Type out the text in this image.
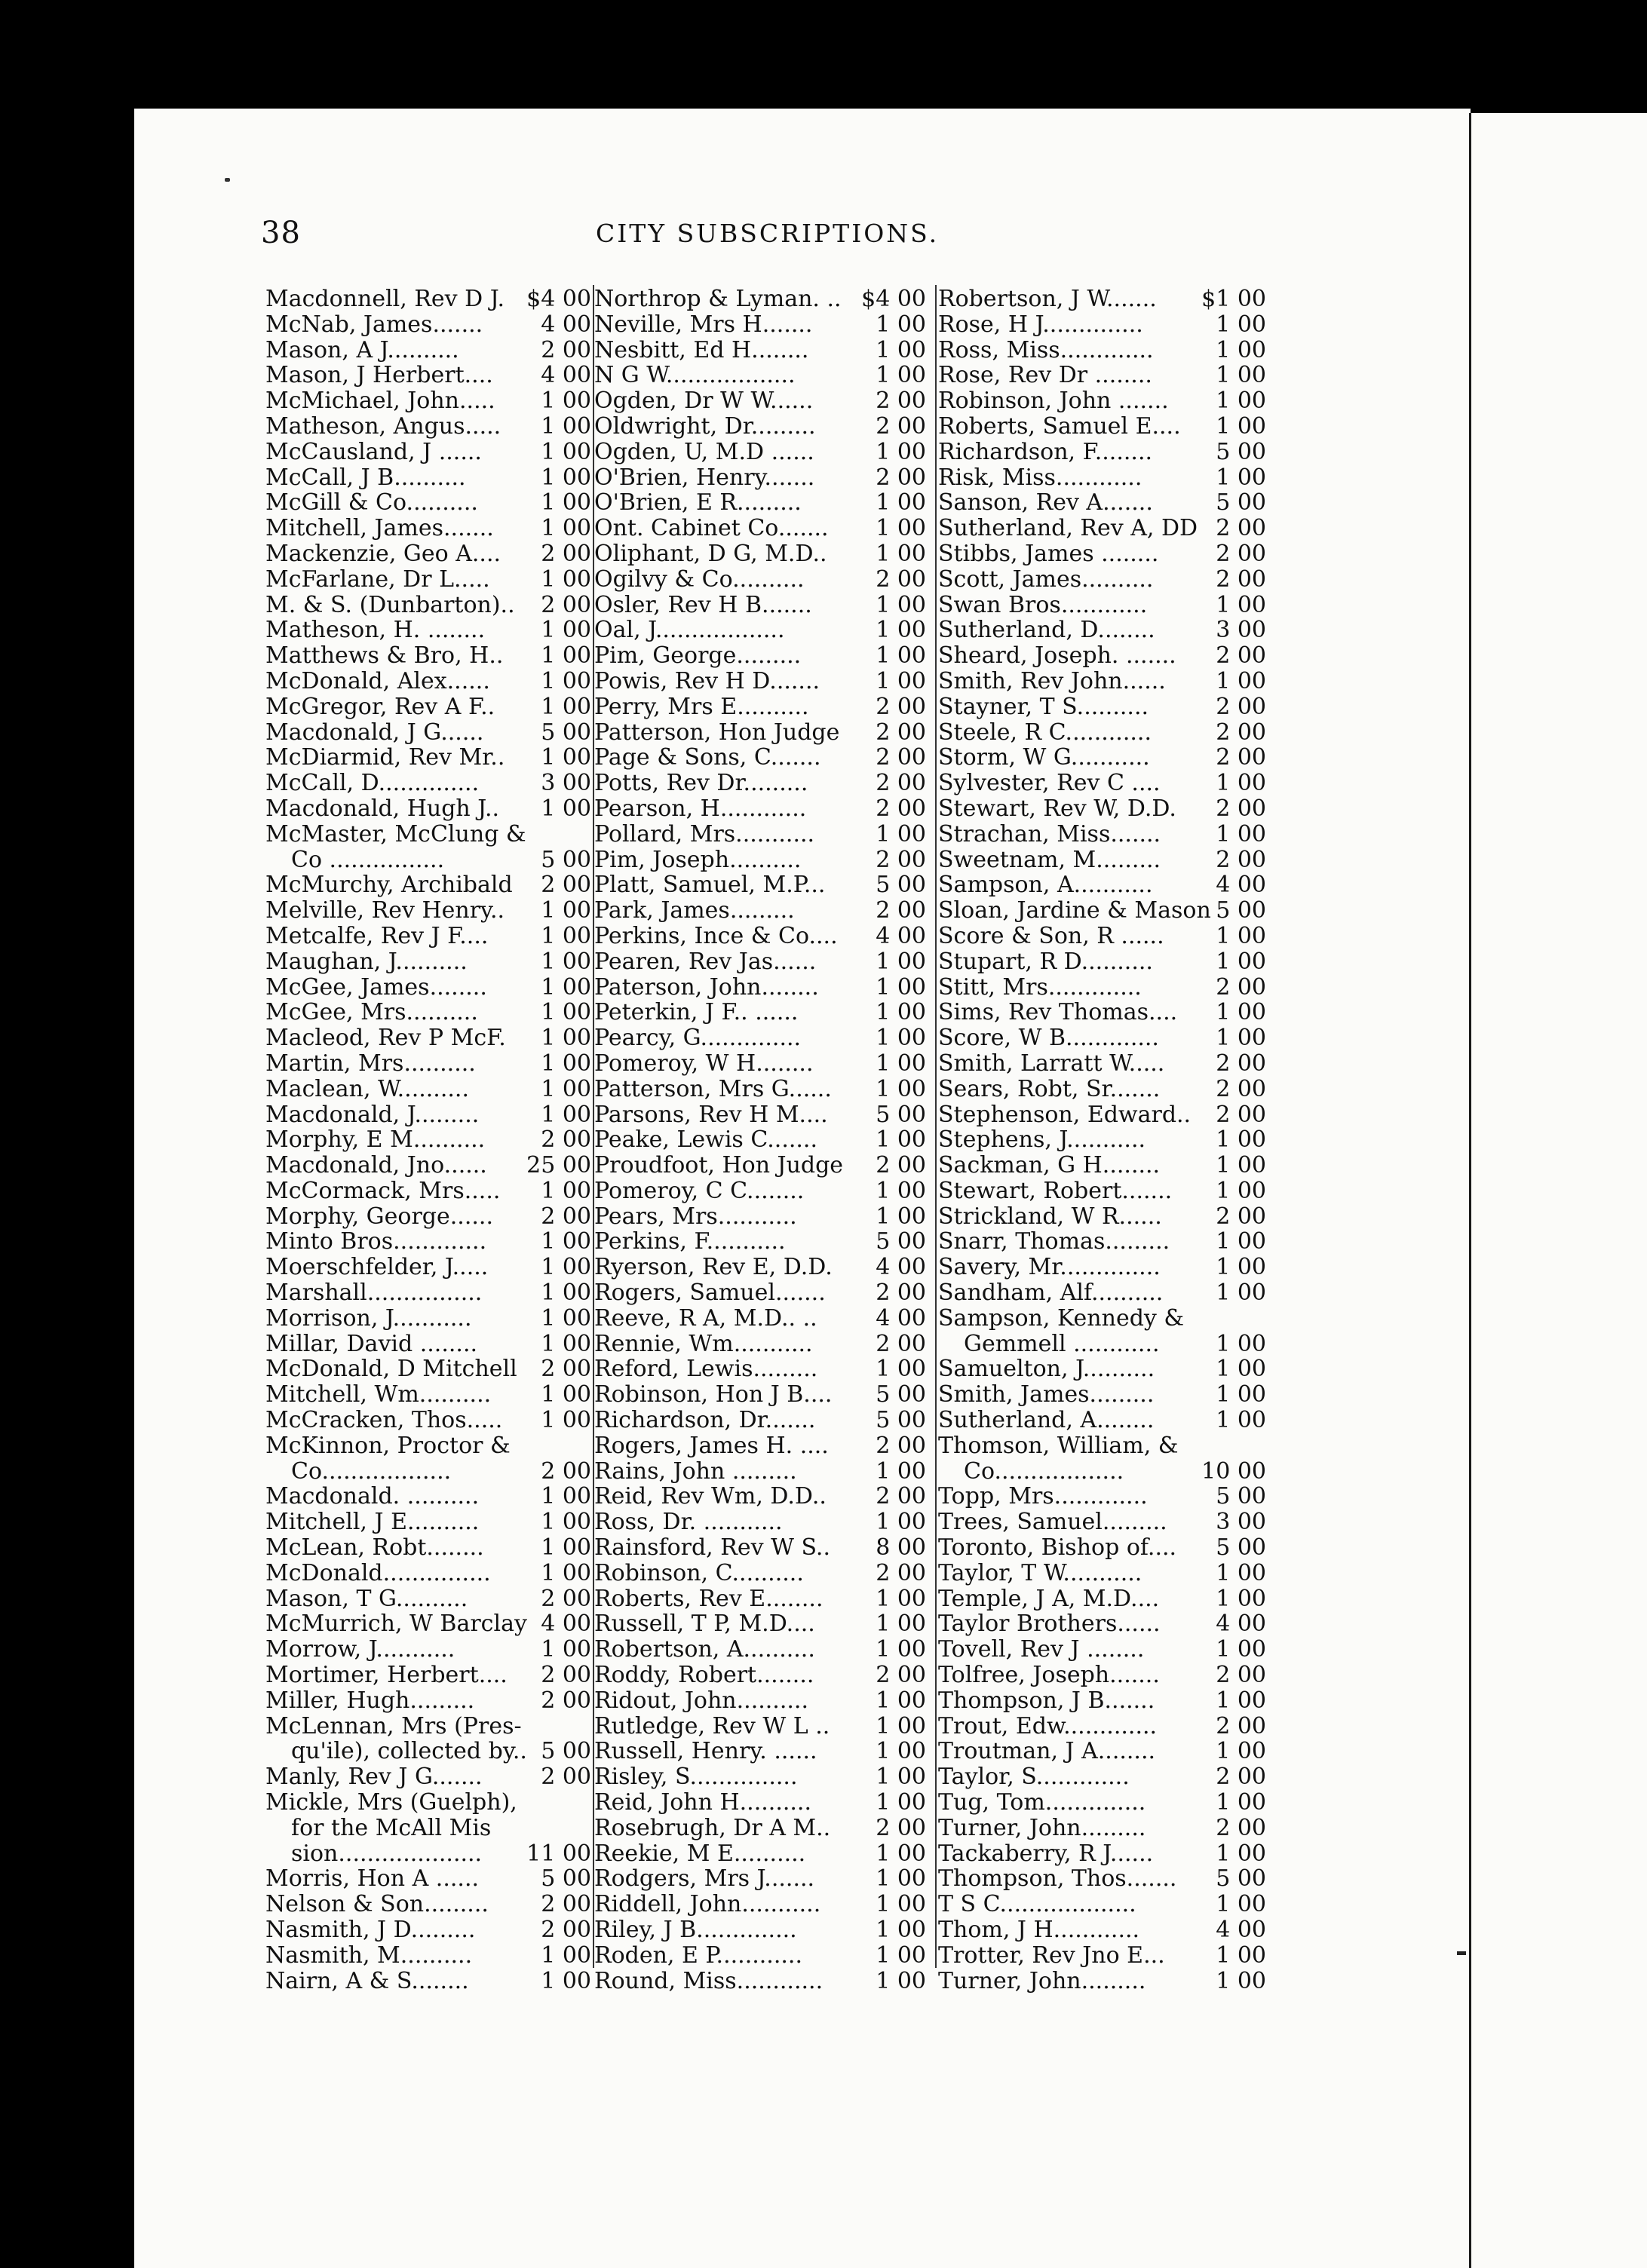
38	CITY SUBSCRIPTIONS.
Macdonnell, Rev D J. $4 00
McNab, James.......	4 00
Mason, A J..........	2 00
Mason, J Herbert.... 4 00
McMichael, John..... 1 00
Matheson, Angus..... 1 00
McCausland, J ......	1 00
McCall, J B..........	1 00
McGill & Co..........	1 00
Mitchell, James....... 1 00
Mackenzie, Geo A.... 2 00
McFarlane, Dr L..... 1 00
M. & S. (Dunbarton).. 2 00
Matheson, H. ........ 1 00
Matthews & Bro, H.. 1 00
McDonald, Alex...... 1 00
McGregor, Rev A F.. 1 00
Macdonald, J G......	5 00
McDiarmid, Rev Mr.. 1 00
McCall, D..............	3 00
Macdonald, Hugh J.. 1 00
McMaster, McClung &
Co ................	5 00
McMurchy, Archibald 2 00
Melville, Rev Henry.. 1 00
Metcalfe, Rev J F.... 1 00
Maughan, J..........	1 00
McGee, James........ 1 00
McGee, Mrs..........	1 00
Macleod, Rev P McF. 1 00
Martin, Mrs..........	1 00
Maclean, W..........	1 00
Macdonald, J.........	1 00
Morphy, E M.......... 2 00
Macdonald, Jno...... 25 00
McCormack, Mrs..... 1 00
Morphy, George...... 2 00
Minto Bros............. 1 00
Moerschfelder, J..... 1 00
Marshall................	1 00
Morrison, J...........	1 00
Millar, David ........	1 00
McDonald, D Mitchell 2 00
Mitchell, Wm.......... 1 00
McCracken, Thos..... 1 00
McKinnon, Proctor &
Co..................	2 00
Macdonald. ..........	1 00
Mitchell, J E..........	1 00
McLean, Robt........	1 00
McDonald............... 1 00
Mason, T G..........	2 00
McMurrich, W Barclay 4 00
Morrow, J...........	1 00
Mortimer, Herbert.... 2 00
Miller, Hugh.........	2 00
McLennan, Mrs (Pres-
qu'ile), collected by.. 5 00
Manly, Rev J G.......	2 00
Mickle, Mrs (Guelph),
for the McAll Mis
sion.................... 11 00
Morris, Hon A ......	5 00
Nelson & Son......... 2 00
Nasmith, J D.........	2 00
Nasmith, M..........	1 00
Nairn, A & S........	1 00
Northrop & Lyman. .. $4 00
Neville, Mrs H.......	1 00
Nesbitt, Ed H........	1 00
N G W..................	1 00
Ogden, Dr W W......	2 00
Oldwright, Dr.........	2 00
Ogden, U, M.D ......	1 00
O'Brien, Henry.......	2 00
O'Brien, E R.........	1 00
Ont. Cabinet Co....... 1 00
Oliphant, D G, M.D.. 1 00
Ogilvy & Co..........	2 00
Osler, Rev H B.......	1 00
Oal, J..................	1 00
Pim, George.........	1 00
Powis, Rev H D....... 1 00
Perry, Mrs E..........	2 00
Patterson, Hon Judge 2 00
Page & Sons, C....... 2 00
Potts, Rev Dr.........	2 00
Pearson, H............	2 00
Pollard, Mrs...........	1 00
Pim, Joseph..........	2 00
Platt, Samuel, M.P... 5 00
Park, James.........	2 00
Perkins, Ince & Co.... 4 00
Pearen, Rev Jas......	1 00
Paterson, John........	1 00
Peterkin, J F.. ......	1 00
Pearcy, G..............	1 00
Pomeroy, W H........	1 00
Patterson, Mrs G...... 1 00
Parsons, Rev H M.... 5 00
Peake, Lewis C.......	1 00
Proudfoot, Hon Judge 2 00
Pomeroy, C C........	1 00
Pears, Mrs...........	1 00
Perkins, F...........	5 00
Ryerson, Rev E, D.D. 4 00
Rogers, Samuel....... 2 00
Reeve, R A, M.D.. ..	4 00
Rennie, Wm...........	2 00
Reford, Lewis.........	1 00
Robinson, Hon J B.... 5 00
Richardson, Dr.......	5 00
Rogers, James H. .... 2 00
Rains, John .........	1 00
Reid, Rev Wm, D.D.. 2 00
Ross, Dr. ...........	1 00
Rainsford, Rev W S.. 8 00
Robinson, C..........	2 00
Roberts, Rev E........ 1 00
Russell, T P, M.D....	1 00
Robertson, A..........	1 00
Roddy, Robert........	2 00
Ridout, John..........	1 00
Rutledge, Rev W L .. 1 00
Russell, Henry. ......	1 00
Risley, S...............	1 00
Reid, John H..........	1 00
Rosebrugh, Dr A M.. 2 00
Reekie, M E..........	1 00
Rodgers, Mrs J.......	1 00
Riddell, John........... 1 00
Riley, J B..............	1 00
Roden, E P............	1 00
Round, Miss............ 1 00
Robertson, J W....... $1 00
Rose, H J..............	1 00
Ross, Miss.............	1 00
Rose, Rev Dr ........	1 00
Robinson, John ....... 1 00
Roberts, Samuel E.... 1 00
Richardson, F........	5 00
Risk, Miss............	1 00
Sanson, Rev A.......	5 00
Sutherland, Rev A, DD 2 00
Stibbs, James ........	2 00
Scott, James..........	2 00
Swan Bros............	1 00
Sutherland, D........	3 00
Sheard, Joseph. ....... 2 00
Smith, Rev John...... 1 00
Stayner, T S..........	2 00
Steele, R C............	2 00
Storm, W G...........	2 00
Sylvester, Rev C .... 1 00
Stewart, Rev W, D.D. 2 00
Strachan, Miss....... 1 00
Sweetnam, M......... 2 00
Sampson, A...........	4 00
Sloan, Jardine & Mason 5 00
Score & Son, R ...... 1 00
Stupart, R D..........	1 00
Stitt, Mrs.............	2 00
Sims, Rev Thomas.... 1 00
Score, W B.............	1 00
Smith, Larratt W..... 2 00
Sears, Robt, Sr....... 2 00
Stephenson, Edward.. 2 00
Stephens, J...........	1 00
Sackman, G H........ 1 00
Stewart, Robert....... 1 00
Strickland, W R...... 2 00
Snarr, Thomas......... 1 00
Savery, Mr.............. 1 00
Sandham, Alf.......... 1 00
Sampson, Kennedy &
Gemmell ............ 1 00
Samuelton, J..........	1 00
Smith, James.........	1 00
Sutherland, A........	1 00
Thomson, William, &
Co..................	10 00
Topp, Mrs.............	5 00
Trees, Samuel......... 3 00
Toronto, Bishop of.... 5 00
Taylor, T W...........	1 00
Temple, J A, M.D....	1 00
Taylor Brothers...... 4 00
Tovell, Rev J ........	1 00
Tolfree, Joseph....... 2 00
Thompson, J B.......	1 00
Trout, Edw.............	2 00
Troutman, J A........	1 00
Taylor, S.............	2 00
Tug, Tom..............	1 00
Turner, John.........	2 00
Tackaberry, R J......	1 00
Thompson, Thos....... 5 00
T S C...................	1 00
Thom, J H............	4 00
Trotter, Rev Jno E... 1 00
Turner, John.........	1 00
